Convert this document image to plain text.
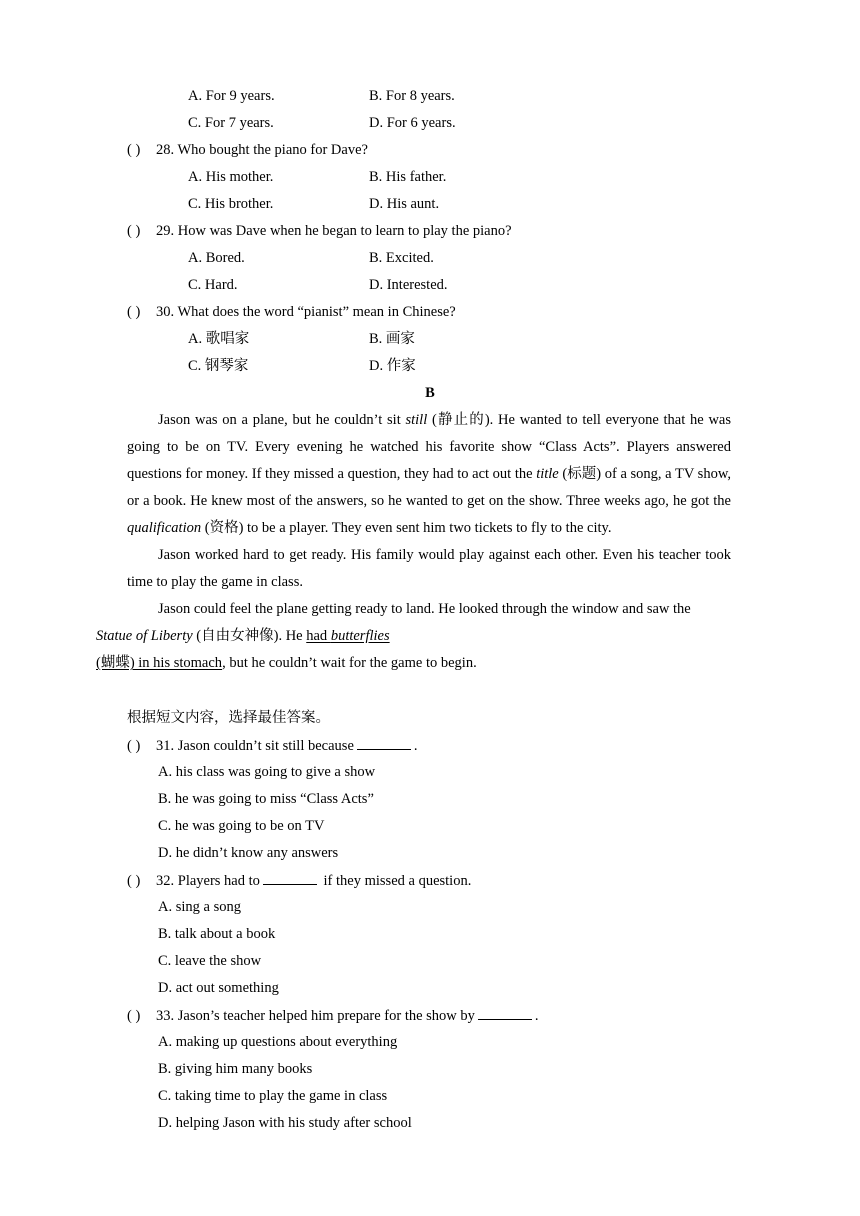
A. For 9 years.	B. For 8 years.
C. For 7 years.	D. For 6 years.
( ) 28. Who bought the piano for Dave?
A. His mother.	B. His father.
C. His brother.	D. His aunt.
( ) 29. How was Dave when he began to learn to play the piano?
A. Bored.	B. Excited.
C. Hard.	D. Interested.
( ) 30. What does the word “pianist” mean in Chinese?
A. 歌唱家	B. 画家
C. 钢琴家	D. 作家
B

Jason was on a plane, but he couldn’t sit still (静止的). He wanted to tell everyone that he was going to be on TV. Every evening he watched his favorite show “Class Acts”. Players answered questions for money. If they missed a question, they had to act out the title (标题) of a song, a TV show, or a book. He knew most of the answers, so he wanted to get on the show. Three weeks ago, he got the qualification (资格) to be a player. They even sent him two tickets to fly to the city.

Jason worked hard to get ready. His family would play against each other. Even his teacher took time to play the game in class.

Jason could feel the plane getting ready to land. He looked through the window and saw the
Statue of Liberty (自由女神像). He had butterflies
(蝴蝶) in his stomach, but he couldn’t wait for the game to begin.

根据短文内容，选择最佳答案。
( ) 31. Jason couldn’t sit still because	.
A. his class was going to give a show
B. he was going to miss “Class Acts”
C. he was going to be on TV
D. he didn’t know any answers
( ) 32. Players had to	if they missed a question.
A. sing a song
B. talk about a book
C. leave the show
D. act out something
( ) 33. Jason’s teacher helped him prepare for the show by	.
A. making up questions about everything
B. giving him many books
C. taking time to play the game in class
D. helping Jason with his study after school
